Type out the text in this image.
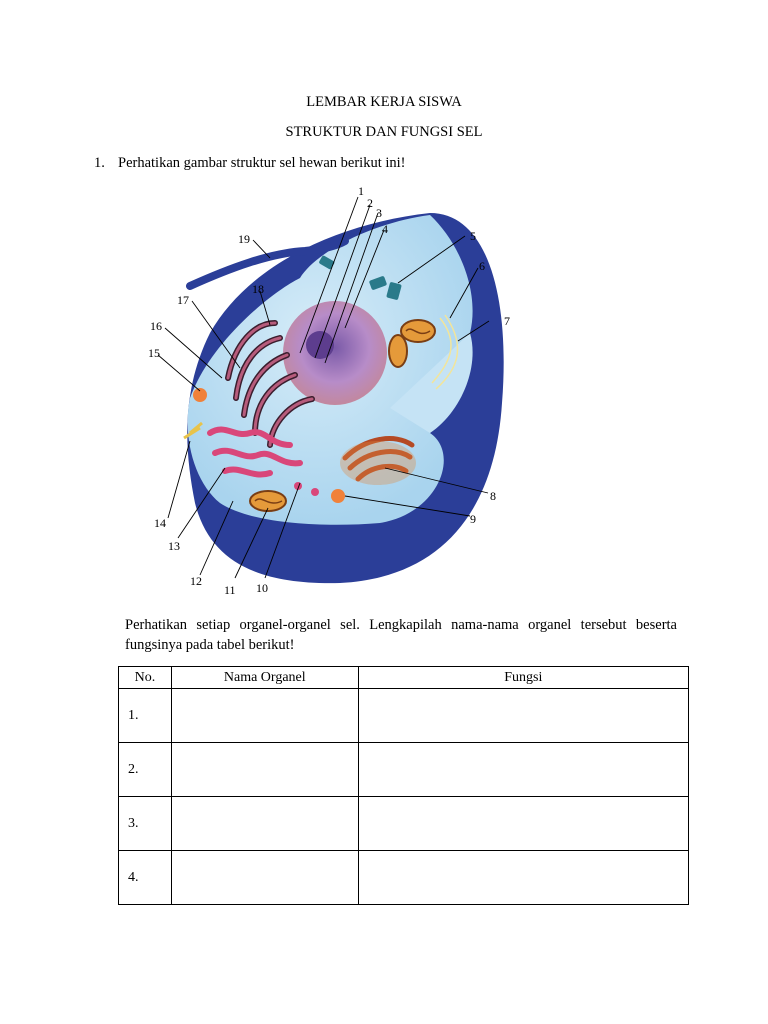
LEMBAR KERJA SISWA
STRUKTUR DAN FUNGSI SEL
1. Perhatikan gambar struktur sel hewan berikut ini!
1
2
3
4	5
6
7
8
9
10
11
12
13
14
15
16
17
18
19
Perhatikan setiap organel-organel sel. Lengkapilah nama-nama organel tersebut beserta fungsinya pada tabel berikut!
No.	Nama Organel	Fungsi
1.		
2.		
3.		
4.		
